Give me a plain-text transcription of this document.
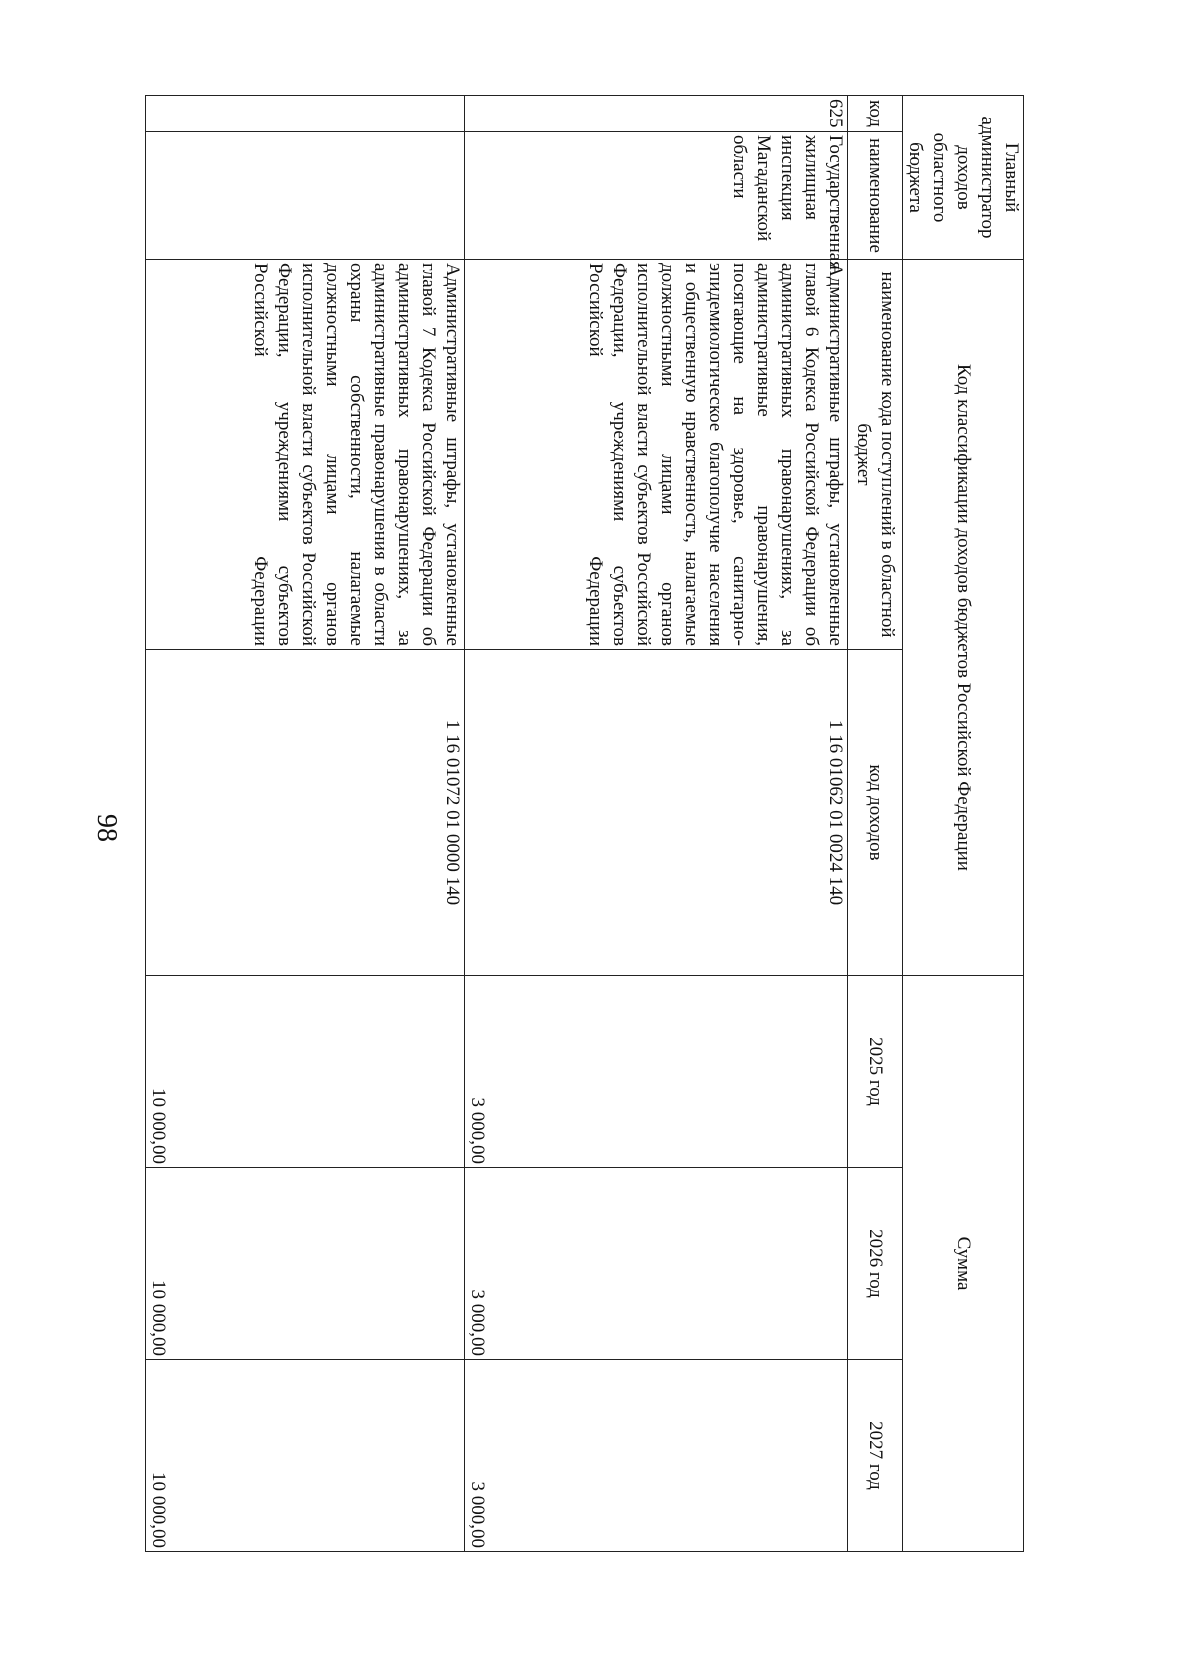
98
Главный администратор доходов областного бюджета		Код классификации доходов бюджетов Российской Федерации		Сумма		
код	наименование	наименование кода поступлений в областной бюджет	код доходов	2025 год	2026 год	2027 год
625	Государственная жилищная инспекция Магаданской области	Административные штрафы, установленные главой 6 Кодекса Российской Федерации об административных правонарушениях, за административные правонарушения, посягающие на здоровье, санитарно-эпидемиологическое благополучие населения и общественную нравственность, налагаемые должностными лицами органов исполнительной власти субъектов Российской Федерации, учреждениями субъектов Российской Федерации	1 16 01062 01 0024 140	3 000,00	3 000,00	3 000,00
		Административные штрафы, установленные главой 7 Кодекса Российской Федерации об административных правонарушениях, за административные правонарушения в области охраны собственности, налагаемые должностными лицами органов исполнительной власти субъектов Российской Федерации, учреждениями субъектов Российской Федерации	1 16 01072 01 0000 140	10 000,00	10 000,00	10 000,00
